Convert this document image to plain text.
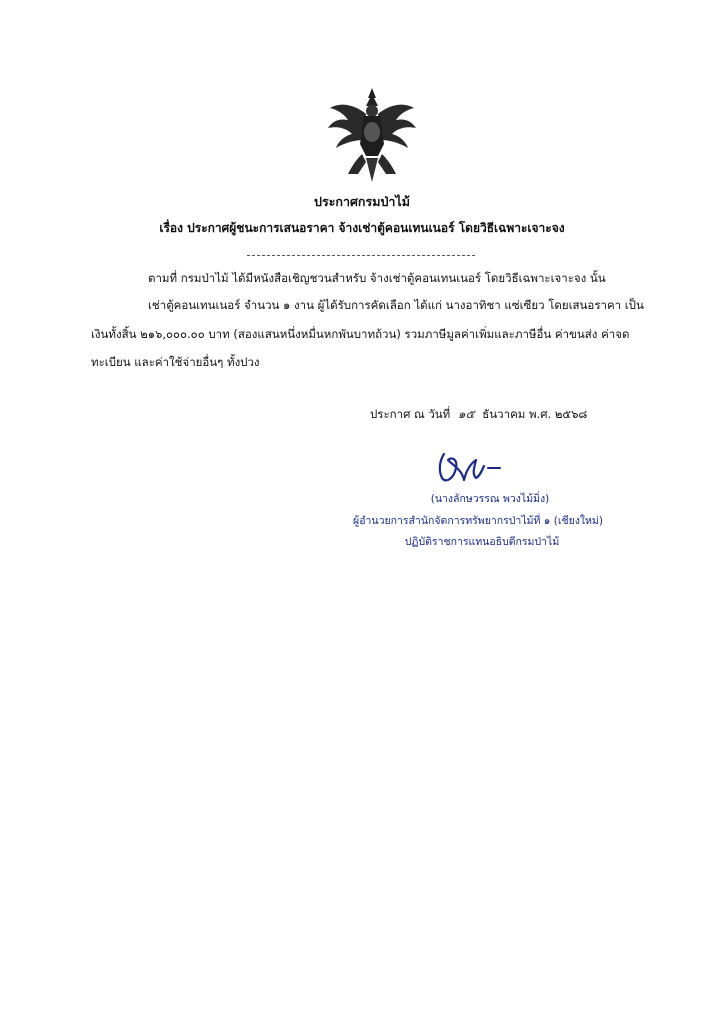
ประกาศกรมป่าไม้
เรื่อง ประกาศผู้ชนะการเสนอราคา จ้างเช่าตู้คอนเทนเนอร์ โดยวิธีเฉพาะเจาะจง
ตามที่ กรมป่าไม้ ได้มีหนังสือเชิญชวนสำหรับ จ้างเช่าตู้คอนเทนเนอร์ โดยวิธีเฉพาะเจาะจง นั้น
เช่าตู้คอนเทนเนอร์ จำนวน ๑ งาน ผู้ได้รับการคัดเลือก ได้แก่ นางอาทิชา แซ่เซียว โดยเสนอราคา เป็น
เงินทั้งสิ้น ๒๑๖,๐๐๐.๐๐ บาท (สองแสนหนึ่งหมื่นหกพันบาทถ้วน) รวมภาษีมูลค่าเพิ่มและภาษีอื่น ค่าขนส่ง ค่าจด
ทะเบียน และค่าใช้จ่ายอื่นๆ ทั้งปวง
ประกาศ ณ วันที่ ๑๕ ธันวาคม พ.ศ. ๒๕๖๘
(นางลักษวรรณ พวงไม้มิ่ง)
ผู้อำนวยการสำนักจัดการทรัพยากรป่าไม้ที่ ๑ (เชียงใหม่)
ปฏิบัติราชการแทนอธิบดีกรมป่าไม้
